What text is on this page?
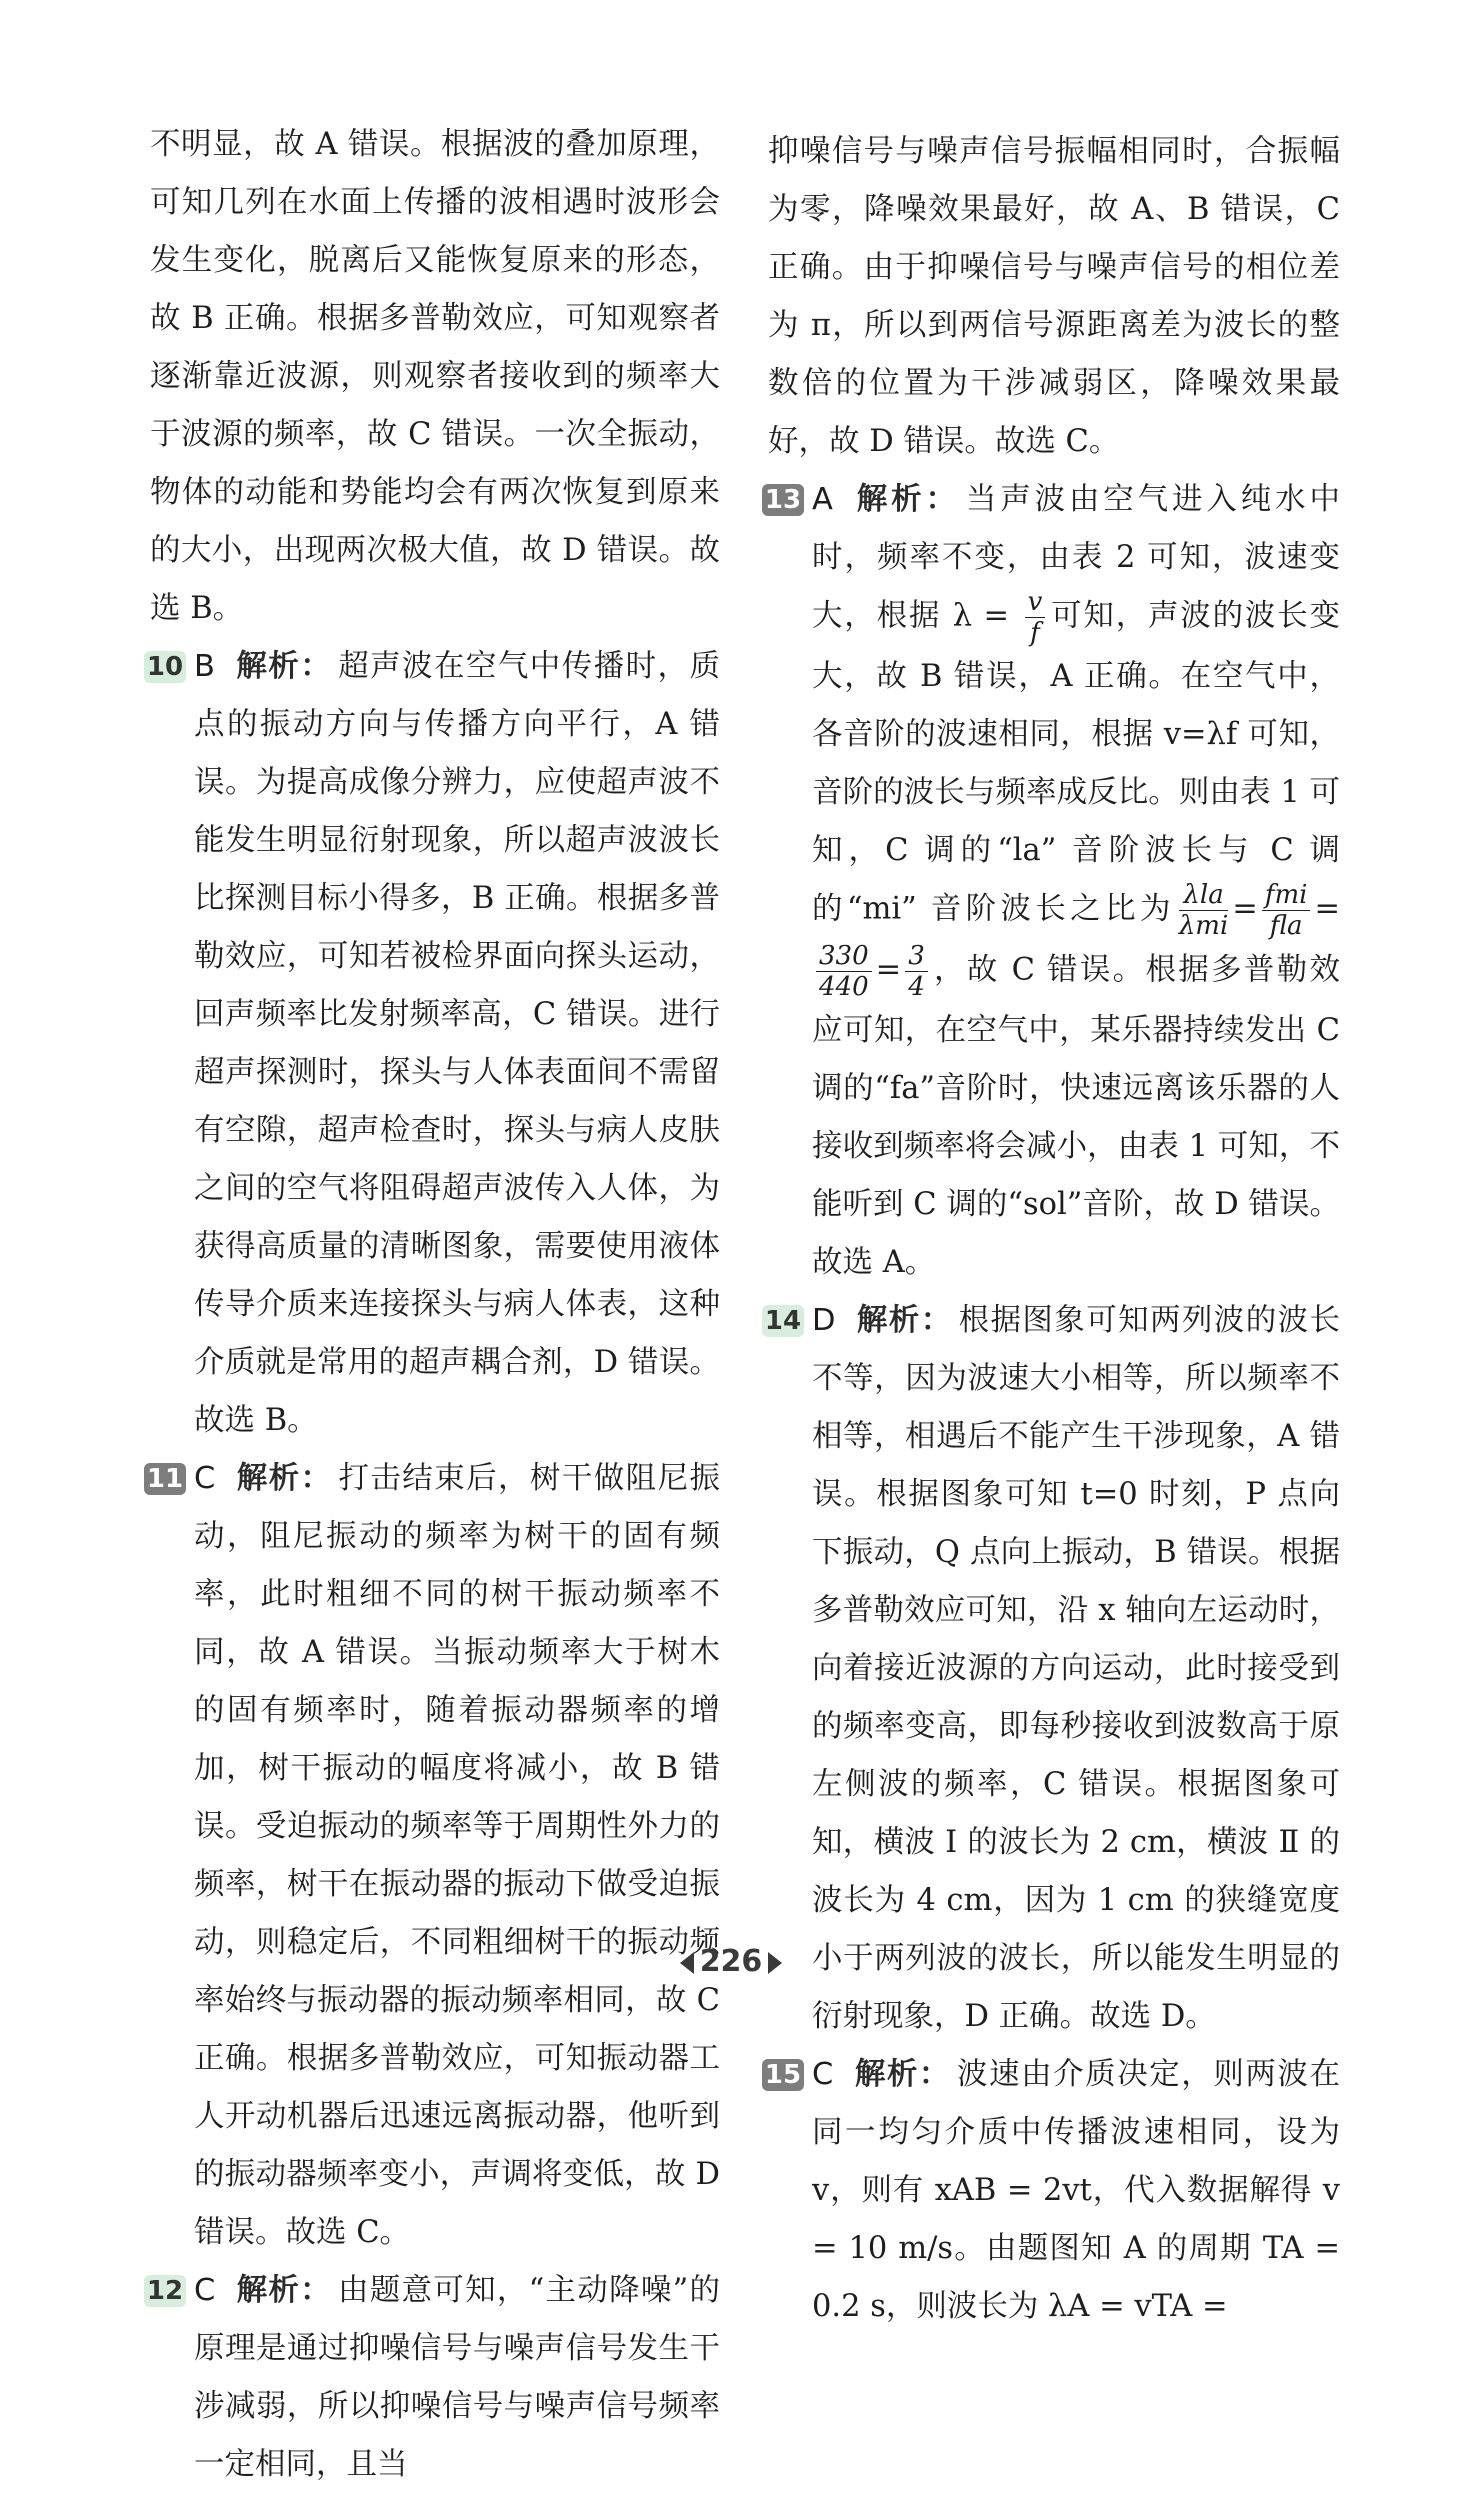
不明显，故 A 错误。根据波的叠加原理，可知几列在水面上传播的波相遇时波形会发生变化，脱离后又能恢复原来的形态，故 B 正确。根据多普勒效应，可知观察者逐渐靠近波源，则观察者接收到的频率大于波源的频率，故 C 错误。一次全振动，物体的动能和势能均会有两次恢复到原来的大小，出现两次极大值，故 D 错误。故选 B。

10 B 解析： 超声波在空气中传播时，质点的振动方向与传播方向平行，A 错误。为提高成像分辨力，应使超声波不能发生明显衍射现象，所以超声波波长比探测目标小得多，B 正确。根据多普勒效应，可知若被检界面向探头运动，回声频率比发射频率高，C 错误。进行超声探测时，探头与人体表面间不需留有空隙，超声检查时，探头与病人皮肤之间的空气将阻碍超声波传入人体，为获得高质量的清晰图象，需要使用液体传导介质来连接探头与病人体表，这种介质就是常用的超声耦合剂，D 错误。故选 B。
11 C 解析： 打击结束后，树干做阻尼振动，阻尼振动的频率为树干的固有频率，此时粗细不同的树干振动频率不同，故 A 错误。当振动频率大于树木的固有频率时，随着振动器频率的增加，树干振动的幅度将减小，故 B 错误。受迫振动的频率等于周期性外力的频率，树干在振动器的振动下做受迫振动，则稳定后，不同粗细树干的振动频率始终与振动器的振动频率相同，故 C 正确。根据多普勒效应，可知振动器工人开动机器后迅速远离振动器，他听到的振动器频率变小，声调将变低，故 D 错误。故选 C。
12 C 解析： 由题意可知，“主动降噪”的原理是通过抑噪信号与噪声信号发生干涉减弱，所以抑噪信号与噪声信号频率一定相同，且当

抑噪信号与噪声信号振幅相同时，合振幅为零，降噪效果最好，故 A、B 错误，C 正确。由于抑噪信号与噪声信号的相位差为 π，所以到两信号源距离差为波长的整数倍的位置为干涉减弱区，降噪效果最好，故 D 错误。故选 C。

13 A 解析： 当声波由空气进入纯水中时，频率不变，由表 2 可知，波速变大，根据 $\lambda = \frac{v}{f}$ 可知，声波的波长变大，故 B 错误，A 正确。在空气中，各音阶的波速相同，根据 v=λf 可知，音阶的波长与频率成反比。则由表 1 可知，C 调的“la” 音阶波长与 C 调的“mi” 音阶波长之比为 $\frac{\text{λla}}{\text{λmi}} = \frac{\text{fmi}}{\text{fla}}$ =
$\frac{330}{440} = \frac{3}{4}$ ，故 C 错误。根据多普勒效应可知，在空气中，某乐器持续发出 C 调的“fa”音阶时，快速远离该乐器的人接收到频率将会减小，由表 1 可知，不能听到 C 调的“sol”音阶，故 D 错误。故选 A。
14 D 解析： 根据图象可知两列波的波长不等，因为波速大小相等，所以频率不相等，相遇后不能产生干涉现象，A 错误。根据图象可知 t=0 时刻，P 点向下振动，Q 点向上振动，B 错误。根据多普勒效应可知，沿 x 轴向左运动时，向着接近波源的方向运动，此时接受到的频率变高，即每秒接收到波数高于原左侧波的频率，C 错误。根据图象可知，横波 Ⅰ 的波长为 2 cm，横波 Ⅱ 的波长为 4 cm，因为 1 cm 的狭缝宽度小于两列波的波长，所以能发生明显的衍射现象，D 正确。故选 D。
15 C 解析： 波速由介质决定，则两波在同一均匀介质中传播波速相同，设为 v，则有 xAB = 2vt，代入数据解得 v = 10 m/s。由题图知 A 的周期 TA = 0.2 s，则波长为 λA = vTA =
226
